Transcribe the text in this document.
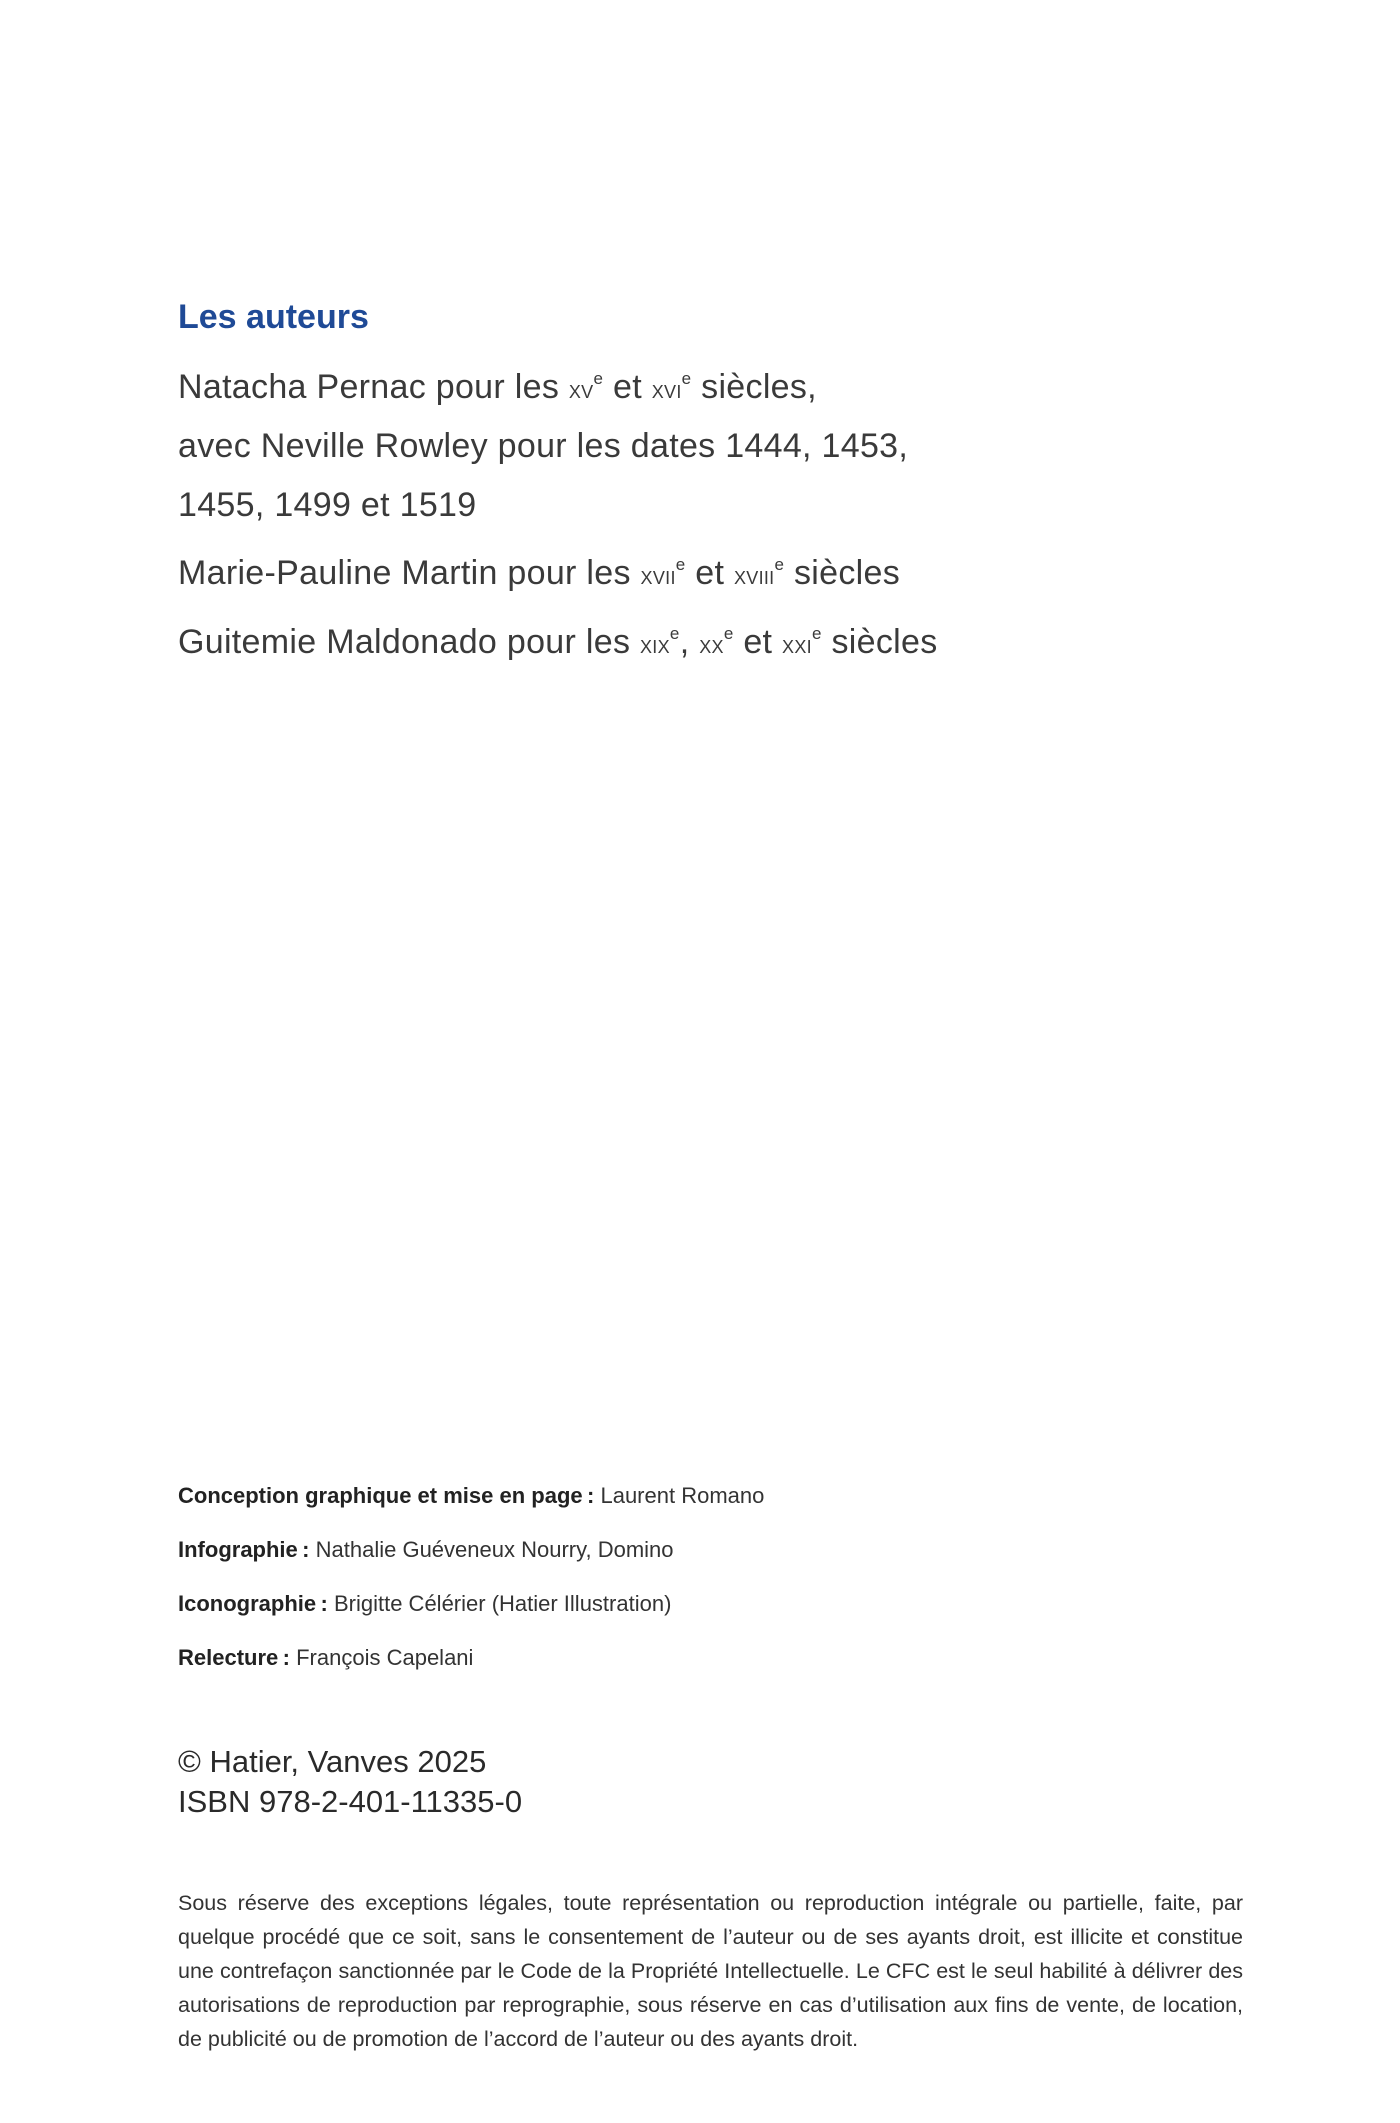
Les auteurs
Natacha Pernac pour les $xv^e$ et xvi$^e$ siècles,
avec Neville Rowley pour les dates 1444, 1453,
1455, 1499 et 1519
Marie-Pauline Martin pour les xvii$^e$ et xviii$^e$ siècles
Guitemie Maldonado pour les xix$^e$, $xx^e$ et xxi$^e$ siècles
Conception graphique et mise en page : Laurent Romano
Infographie : Nathalie Guéveneux Nourry, Domino
Iconographie : Brigitte Célérier (Hatier Illustration)
Relecture : François Capelani
© Hatier, Vanves 2025
ISBN 978-2-401-11335-0
Sous réserve des exceptions légales, toute représentation ou reproduction intégrale ou partielle, faite, par quelque procédé que ce soit, sans le consentement de l’auteur ou de ses ayants droit, est illicite et constitue une contrefaçon sanctionnée par le Code de la Propriété Intellectuelle. Le CFC est le seul habilité à délivrer des autorisations de reproduction par reprographie, sous réserve en cas d’utilisation aux fins de vente, de location, de publicité ou de promotion de l’accord de l’auteur ou des ayants droit.
